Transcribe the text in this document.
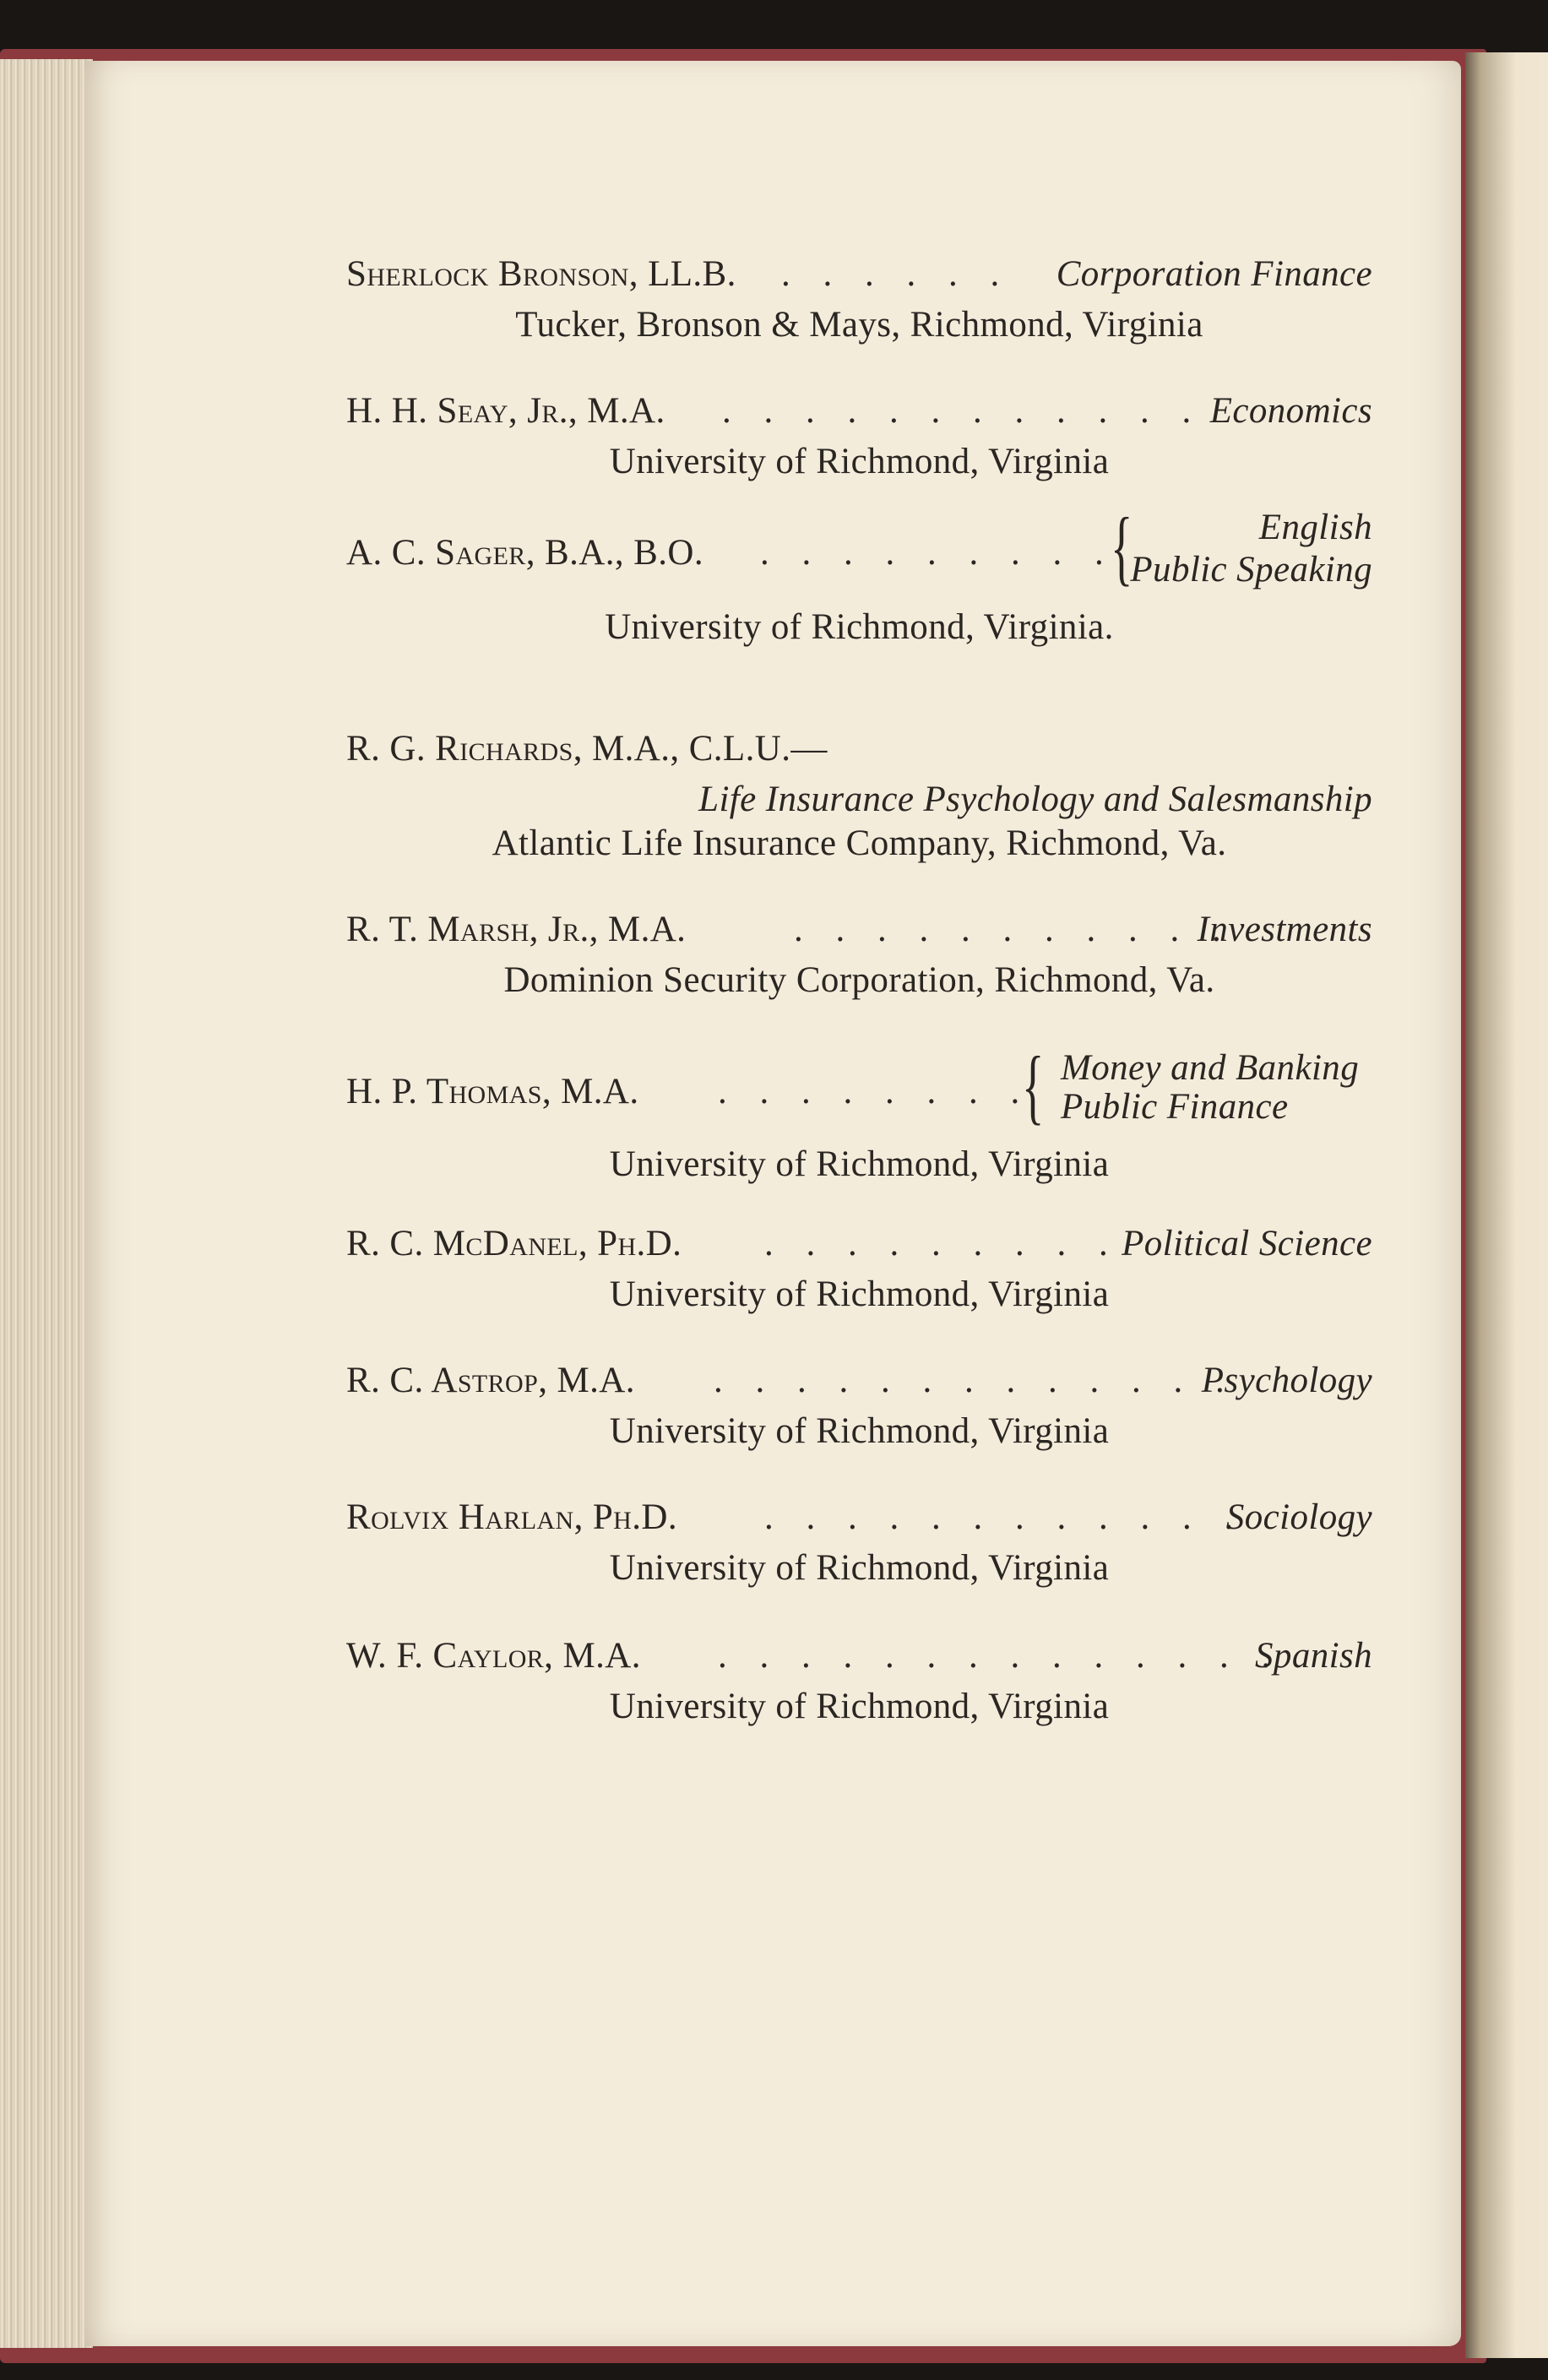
Sherlock Bronson, LL.B. . . . . . . Corporation Finance
Tucker, Bronson & Mays, Richmond, Virginia
H. H. Seay, Jr., M.A. . . . . . . . . . . . . Economics
University of Richmond, Virginia
A. C. Sager, B.A., B.O. . . . . . . . . .
{	English
Public Speaking
University of Richmond, Virginia.
R. G. Richards, M.A., C.L.U.—
Life Insurance Psychology and Salesmanship
Atlantic Life Insurance Company, Richmond, Va.
R. T. Marsh, Jr., M.A.	. . . . . . . . . . .
Investments
Dominion Security Corporation, Richmond, Va.
H. P. Thomas, M.A. . . . . . . . .
{ Money and Banking
Public Finance
University of Richmond, Virginia
R. C. McDanel, Ph.D. . . . . . . . . . Political Science
University of Richmond, Virginia
R. C. Astrop, M.A. . . . . . . . . . . . . .
Psychology
University of Richmond, Virginia
Rolvix Harlan, Ph.D. . . . . . . . . . . . .
Sociology
University of Richmond, Virginia
W. F. Caylor, M.A. . . . . . . . . . . . . . .
Spanish
University of Richmond, Virginia
